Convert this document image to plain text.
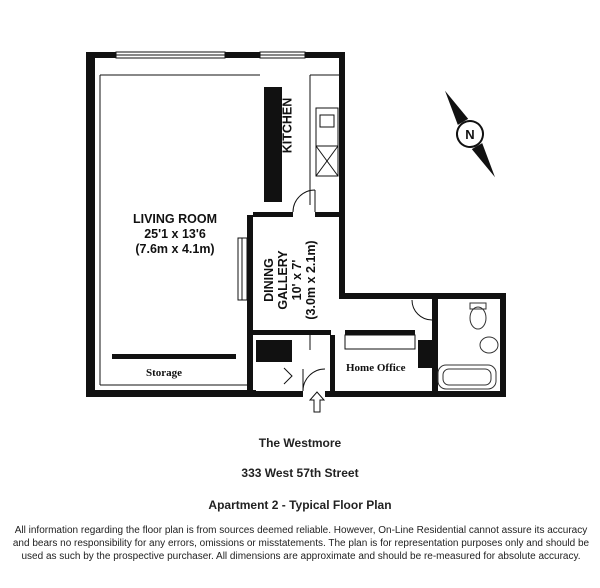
N
LIVING ROOM
25'1 x 13'6
(7.6m x 4.1m)
KITCHEN
DINING GALLERY 10' x 7' (3.0m x 2.1m)
Storage	Home Office
The Westmore
333 West 57th Street
Apartment 2 - Typical Floor Plan
All information regarding the floor plan is from sources deemed reliable. However, On-Line Residential cannot assure its accuracy
and bears no responsibility for any errors, omissions or misstatements. The plan is for representation purposes only and should be
used as such by the prospective purchaser. All dimensions are approximate and should be re-measured for absolute accuracy.
